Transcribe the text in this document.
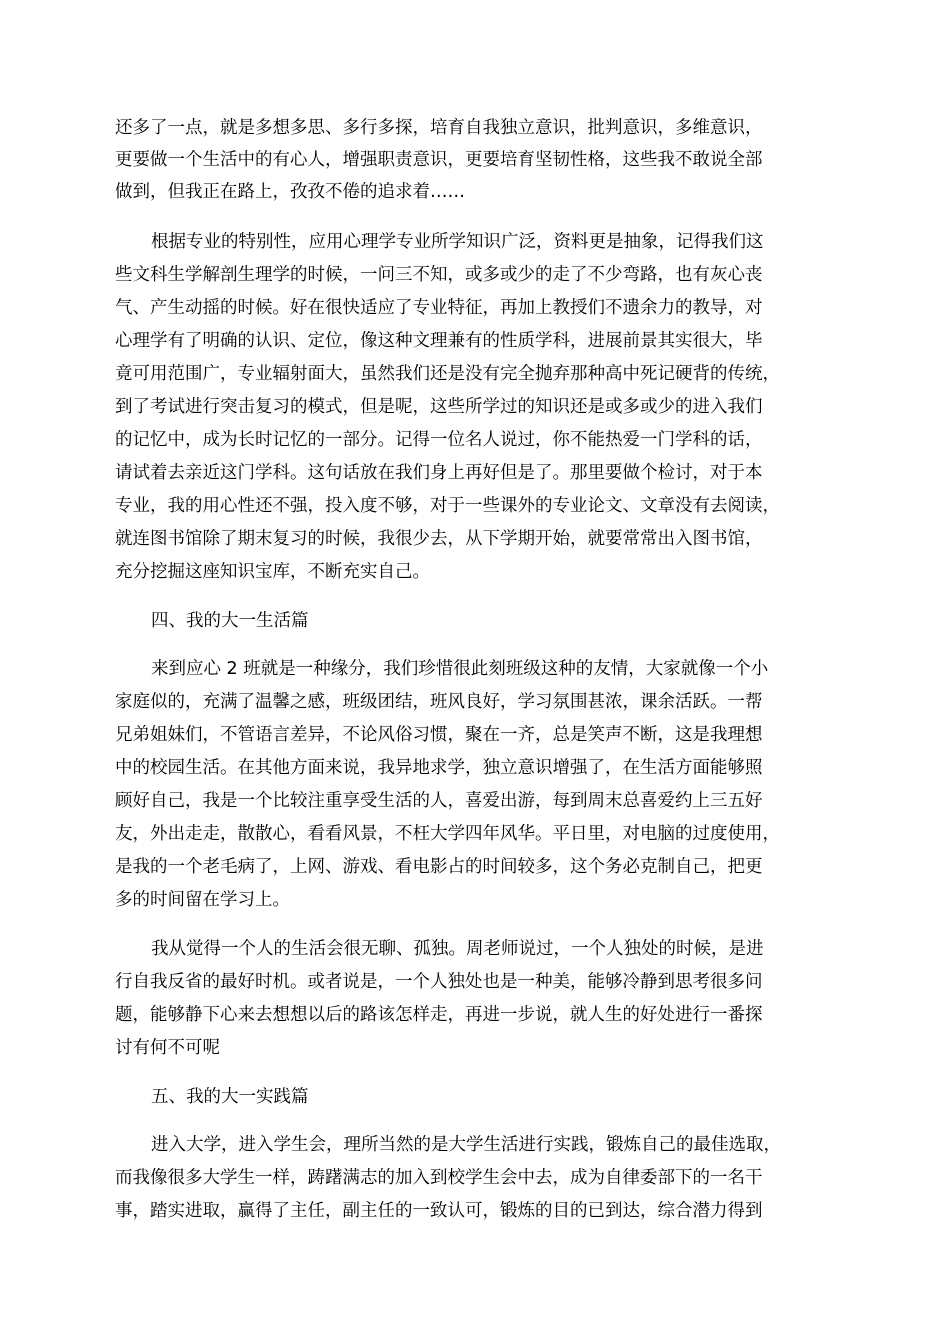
还多了一点，就是多想多思、多行多探，培育自我独立意识，批判意识，多维意识，
更要做一个生活中的有心人，增强职责意识，更要培育坚韧性格，这些我不敢说全部
做到，但我正在路上，孜孜不倦的追求着……
根据专业的特别性，应用心理学专业所学知识广泛，资料更是抽象，记得我们这
些文科生学解剖生理学的时候，一问三不知，或多或少的走了不少弯路，也有灰心丧
气、产生动摇的时候。好在很快适应了专业特征，再加上教授们不遗余力的教导，对
心理学有了明确的认识、定位，像这种文理兼有的性质学科，进展前景其实很大，毕
竟可用范围广，专业辐射面大，虽然我们还是没有完全抛弃那种高中死记硬背的传统，
到了考试进行突击复习的模式，但是呢，这些所学过的知识还是或多或少的进入我们
的记忆中，成为长时记忆的一部分。记得一位名人说过，你不能热爱一门学科的话，
请试着去亲近这门学科。这句话放在我们身上再好但是了。那里要做个检讨，对于本
专业，我的用心性还不强，投入度不够，对于一些课外的专业论文、文章没有去阅读，
就连图书馆除了期末复习的时候，我很少去，从下学期开始，就要常常出入图书馆，
充分挖掘这座知识宝库，不断充实自己。
四、我的大一生活篇
来到应心 2 班就是一种缘分，我们珍惜很此刻班级这种的友情，大家就像一个小
家庭似的，充满了温馨之感，班级团结，班风良好，学习氛围甚浓，课余活跃。一帮
兄弟姐妹们，不管语言差异，不论风俗习惯，聚在一齐，总是笑声不断，这是我理想
中的校园生活。在其他方面来说，我异地求学，独立意识增强了，在生活方面能够照
顾好自己，我是一个比较注重享受生活的人，喜爱出游，每到周末总喜爱约上三五好
友，外出走走，散散心，看看风景，不枉大学四年风华。平日里，对电脑的过度使用，
是我的一个老毛病了，上网、游戏、看电影占的时间较多，这个务必克制自己，把更
多的时间留在学习上。
我从觉得一个人的生活会很无聊、孤独。周老师说过，一个人独处的时候，是进
行自我反省的最好时机。或者说是，一个人独处也是一种美，能够冷静到思考很多问
题，能够静下心来去想想以后的路该怎样走，再进一步说，就人生的好处进行一番探
讨有何不可呢
五、我的大一实践篇
进入大学，进入学生会，理所当然的是大学生活进行实践，锻炼自己的最佳选取，
而我像很多大学生一样，踌躇满志的加入到校学生会中去，成为自律委部下的一名干
事，踏实进取，赢得了主任，副主任的一致认可，锻炼的目的已到达，综合潜力得到
